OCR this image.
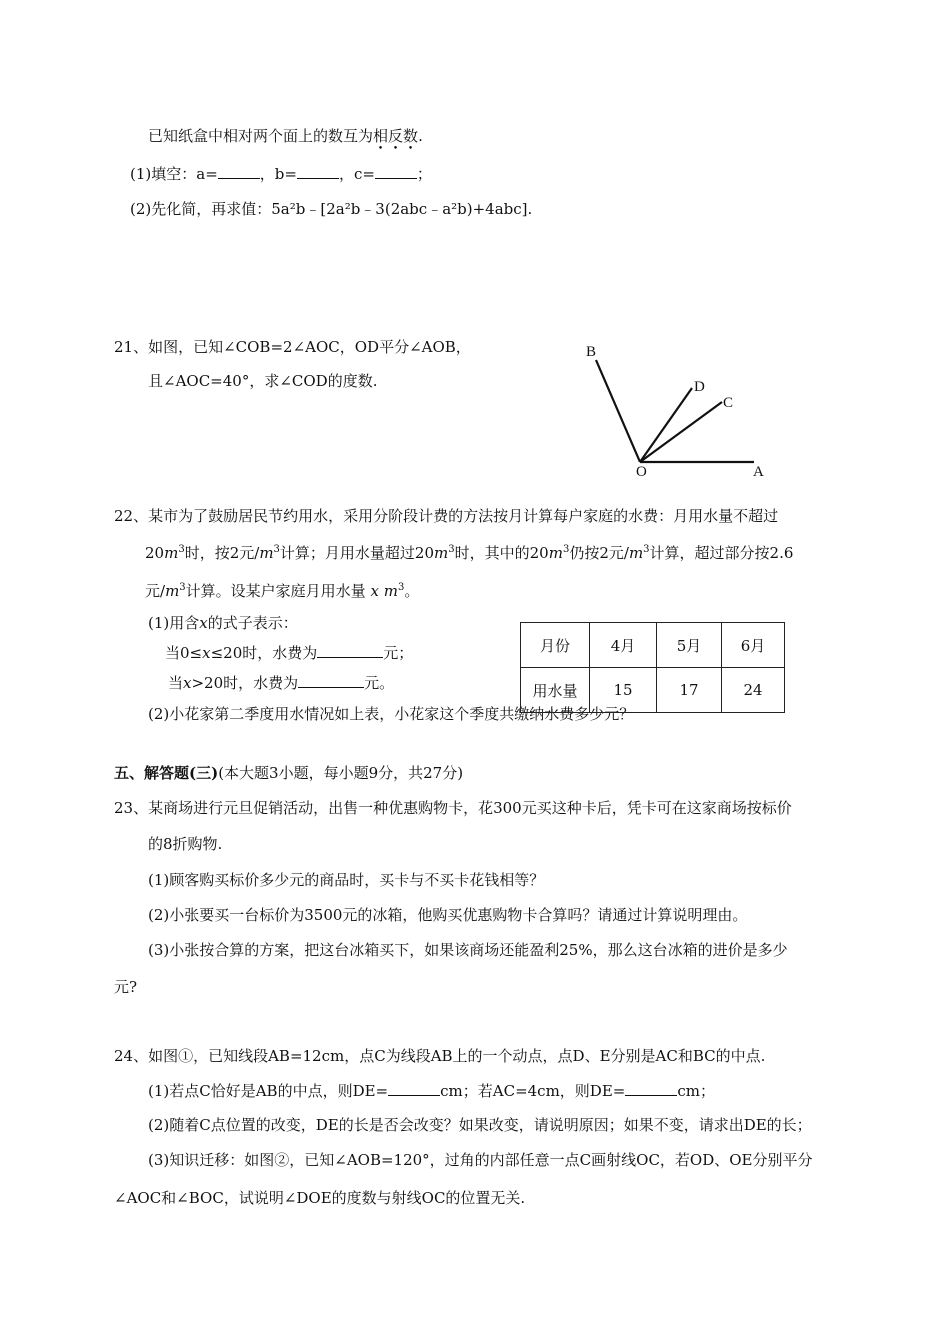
已知纸盒中相对两个面上的数互为相反数.
(1)填空：a=	，b=	，c=	；
(2)先化简，再求值：5a²b﹣[2a²b﹣3(2abc﹣a²b)+4abc].
21、如图，已知∠COB=2∠AOC，OD平分∠AOB，
且∠AOC=40°，求∠COD的度数.
B
D
C
O	A
22、某市为了鼓励居民节约用水，采用分阶段计费的方法按月计算每户家庭的水费：月用水量不超过
$20m^3$时，按2元$/m^3$计算；月用水量超过$20m^3$时，其中的$20m^3$仍按2元$/m^3$计算，超过部分按2.6
元$/m^3$计算。设某户家庭月用水量 x $m^3$。
(1)用含x的式子表示：
当0≤x≤20时，水费为	元；
当x>20时，水费为	元。
(2)小花家第二季度用水情况如上表，小花家这个季度共缴纳水费多少元？
月份	4月	5月	6月
用水量	15	17	24
五、解答题(三)(本大题3小题，每小题9分，共27分)
23、某商场进行元旦促销活动，出售一种优惠购物卡，花300元买这种卡后，凭卡可在这家商场按标价
的8折购物.
(1)顾客购买标价多少元的商品时，买卡与不买卡花钱相等？
(2)小张要买一台标价为3500元的冰箱，他购买优惠购物卡合算吗？请通过计算说明理由。
(3)小张按合算的方案，把这台冰箱买下，如果该商场还能盈利25%，那么这台冰箱的进价是多少
元?
24、如图①，已知线段AB=12cm，点C为线段AB上的一个动点，点D、E分别是AC和BC的中点.
(1)若点C恰好是AB的中点，则DE=	cm；若AC=4cm，则DE=	cm；
(2)随着C点位置的改变，DE的长是否会改变？如果改变，请说明原因；如果不变，请求出DE的长；
(3)知识迁移：如图②，已知∠AOB=120°，过角的内部任意一点C画射线OC，若OD、OE分别平分
∠AOC和∠BOC，试说明∠DOE的度数与射线OC的位置无关.
